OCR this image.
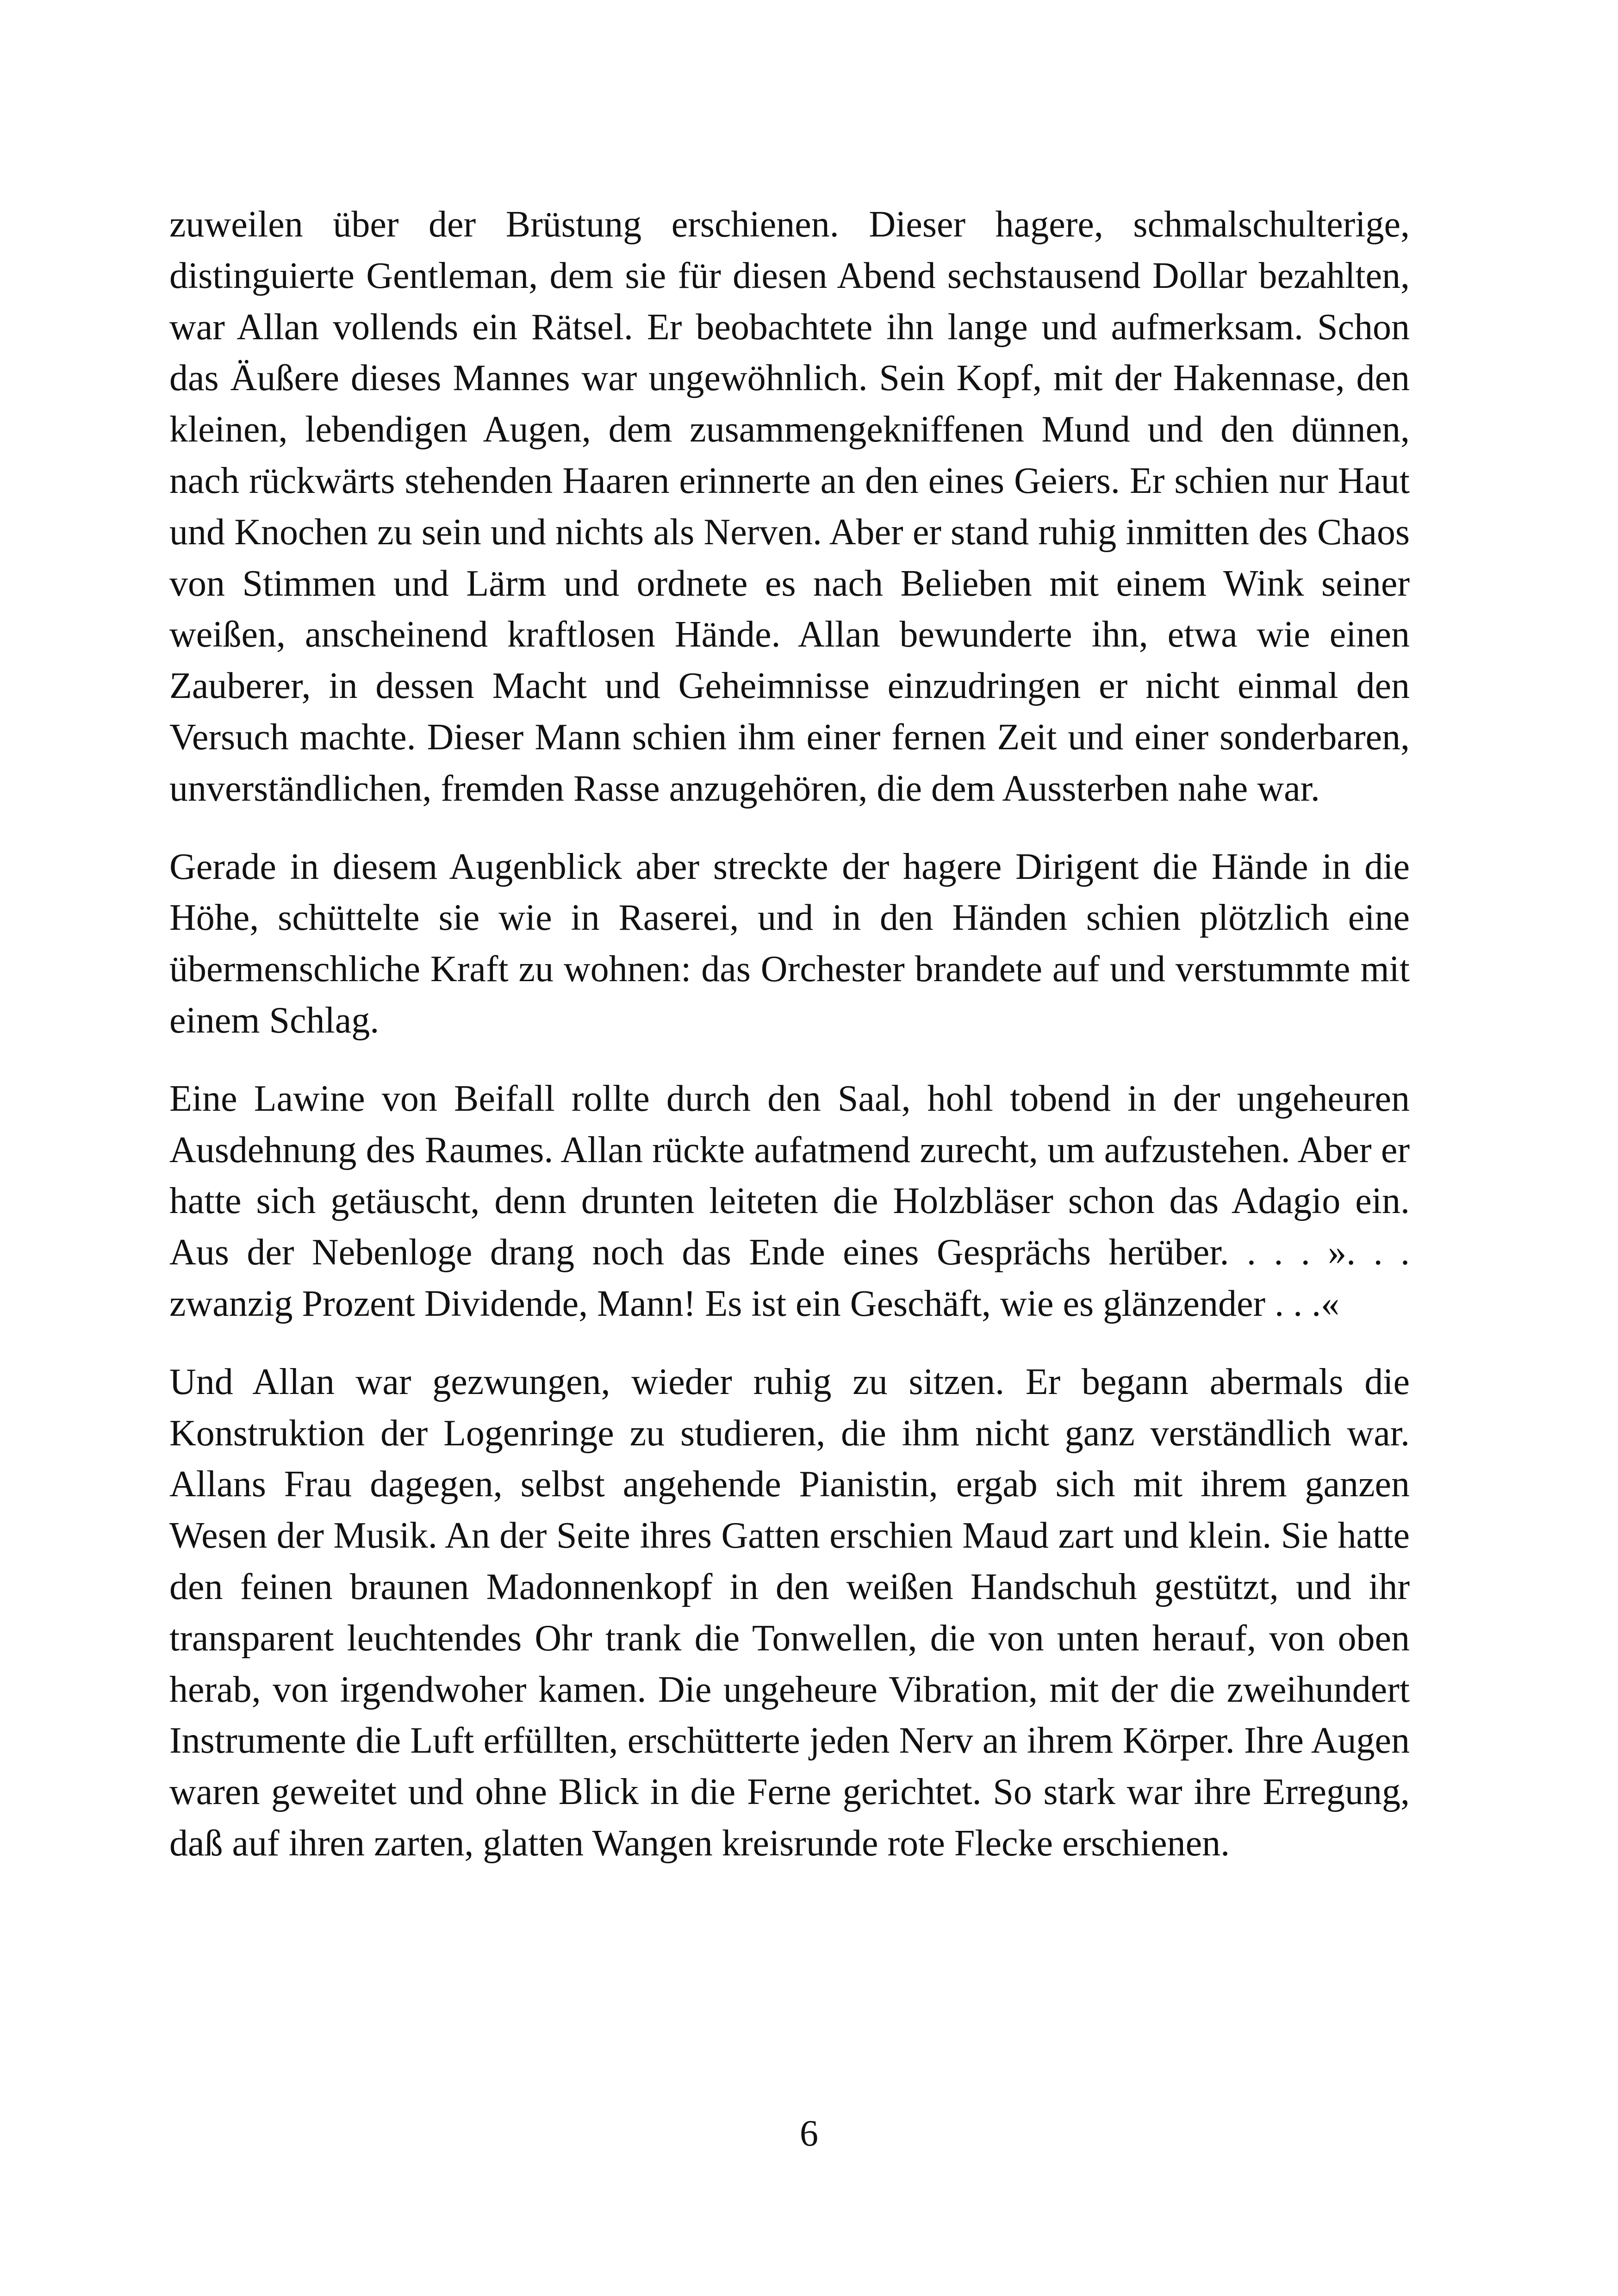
zuweilen über der Brüstung erschienen. Dieser hagere, schmalschulterige, distinguierte Gentleman, dem sie für diesen Abend sechstausend Dollar bezahlten, war Allan vollends ein Rätsel. Er beobachtete ihn lange und aufmerksam. Schon das Äußere dieses Mannes war ungewöhnlich. Sein Kopf, mit der Hakennase, den kleinen, lebendigen Augen, dem zusammengekniffenen Mund und den dünnen, nach rückwärts stehenden Haaren erinnerte an den eines Geiers. Er schien nur Haut und Knochen zu sein und nichts als Nerven. Aber er stand ruhig inmitten des Chaos von Stimmen und Lärm und ordnete es nach Belieben mit einem Wink seiner weißen, anscheinend kraftlosen Hände. Allan bewunderte ihn, etwa wie einen Zauberer, in dessen Macht und Geheimnisse einzudringen er nicht einmal den Versuch machte. Dieser Mann schien ihm einer fernen Zeit und einer sonderbaren, unverständlichen, fremden Rasse anzugehören, die dem Aussterben nahe war.

Gerade in diesem Augenblick aber streckte der hagere Dirigent die Hände in die Höhe, schüttelte sie wie in Raserei, und in den Händen schien plötzlich eine übermenschliche Kraft zu wohnen: das Orchester brandete auf und verstummte mit einem Schlag.

Eine Lawine von Beifall rollte durch den Saal, hohl tobend in der ungeheuren Ausdehnung des Raumes. Allan rückte aufatmend zurecht, um aufzustehen. Aber er hatte sich getäuscht, denn drunten leiteten die Holzbläser schon das Adagio ein. Aus der Nebenloge drang noch das Ende eines Gesprächs herüber. . . . ». . . zwanzig Prozent Dividende, Mann! Es ist ein Geschäft, wie es glänzender . . .«

Und Allan war gezwungen, wieder ruhig zu sitzen. Er begann abermals die Konstruktion der Logenringe zu studieren, die ihm nicht ganz verständlich war. Allans Frau dagegen, selbst angehende Pianistin, ergab sich mit ihrem ganzen Wesen der Musik. An der Seite ihres Gatten erschien Maud zart und klein. Sie hatte den feinen braunen Madonnenkopf in den weißen Handschuh gestützt, und ihr transparent leuchtendes Ohr trank die Tonwellen, die von unten herauf, von oben herab, von irgendwoher kamen. Die ungeheure Vibration, mit der die zweihundert Instrumente die Luft erfüllten, erschütterte jeden Nerv an ihrem Körper. Ihre Augen waren geweitet und ohne Blick in die Ferne gerichtet. So stark war ihre Erregung, daß auf ihren zarten, glatten Wangen kreisrunde rote Flecke erschienen.

6
